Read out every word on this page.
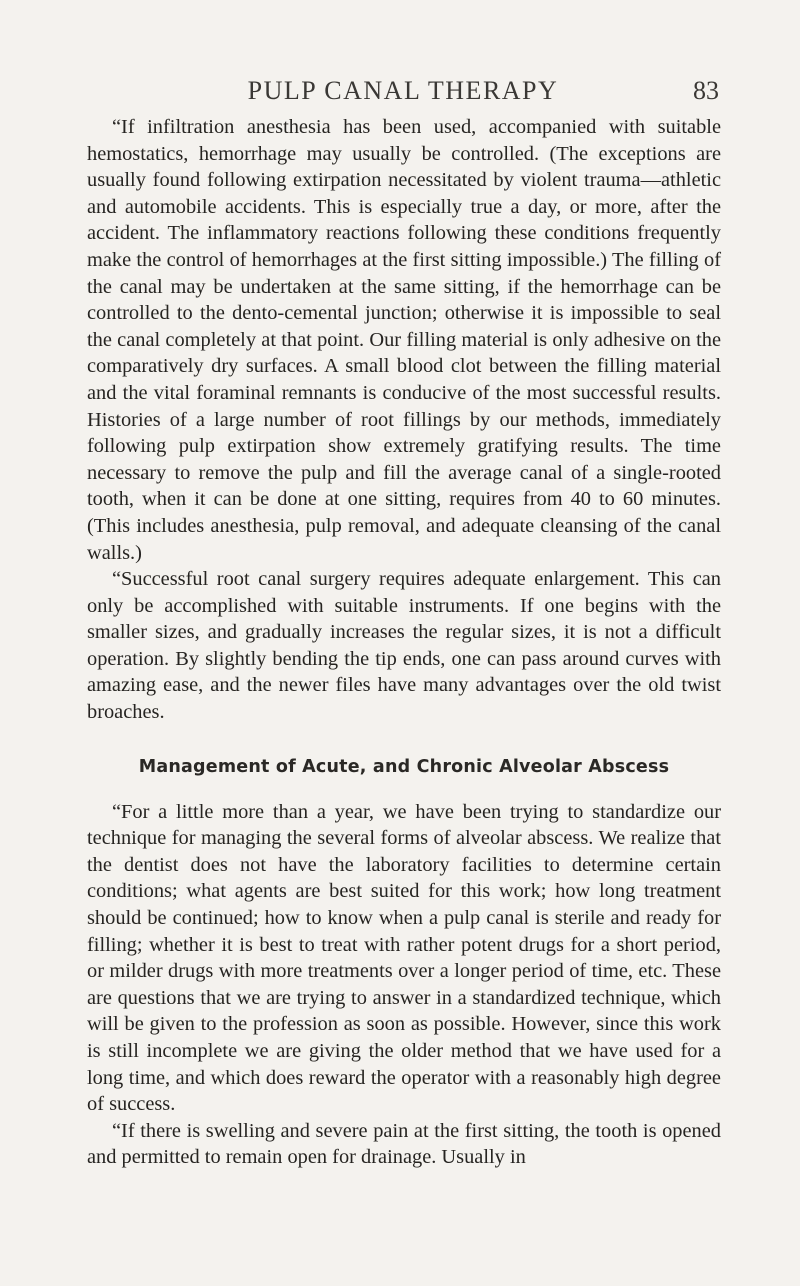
PULP CANAL THERAPY	83

“If infiltration anesthesia has been used, accompanied with suitable hemostatics, hemorrhage may usually be controlled. (The exceptions are usually found following extirpation necessitated by violent trauma—athletic and automobile accidents. This is especially true a day, or more, after the accident. The inflammatory reactions following these conditions frequently make the control of hemorrhages at the first sitting impossible.) The filling of the canal may be undertaken at the same sitting, if the hemorrhage can be controlled to the dento-cemental junction; otherwise it is impossible to seal the canal completely at that point. Our filling material is only adhesive on the comparatively dry surfaces. A small blood clot between the filling material and the vital foraminal remnants is conducive of the most successful results. Histories of a large number of root fillings by our methods, immediately following pulp extirpation show extremely gratifying results. The time necessary to remove the pulp and fill the average canal of a single-rooted tooth, when it can be done at one sitting, requires from 40 to 60 minutes. (This includes anesthesia, pulp removal, and adequate cleansing of the canal walls.)

“Successful root canal surgery requires adequate enlargement. This can only be accomplished with suitable instruments. If one begins with the smaller sizes, and gradually increases the regular sizes, it is not a difficult operation. By slightly bending the tip ends, one can pass around curves with amazing ease, and the newer files have many advantages over the old twist broaches.

Management of Acute, and Chronic Alveolar Abscess

“For a little more than a year, we have been trying to standardize our technique for managing the several forms of alveolar abscess. We realize that the dentist does not have the laboratory facilities to determine certain conditions; what agents are best suited for this work; how long treatment should be continued; how to know when a pulp canal is sterile and ready for filling; whether it is best to treat with rather potent drugs for a short period, or milder drugs with more treatments over a longer period of time, etc. These are questions that we are trying to answer in a standardized technique, which will be given to the profession as soon as possible. However, since this work is still incomplete we are giving the older method that we have used for a long time, and which does reward the operator with a reasonably high degree of success.

“If there is swelling and severe pain at the first sitting, the tooth is opened and permitted to remain open for drainage. Usually in
